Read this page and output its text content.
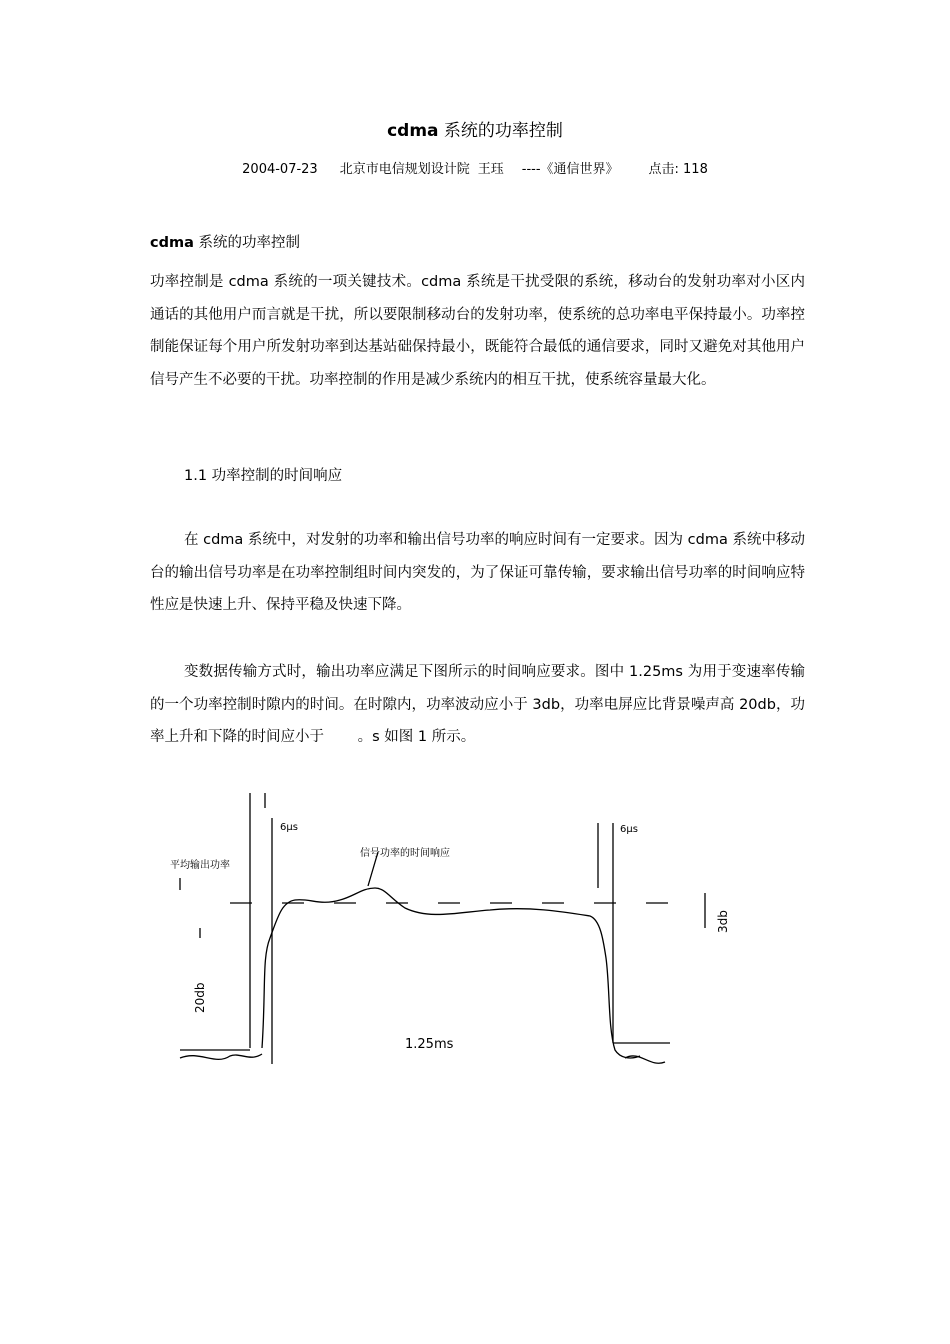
cdma 系统的功率控制
2004-07-23 北京市电信规划设计院 王珏 ----《通信世界》 点击: 118
cdma 系统的功率控制
功率控制是 cdma 系统的一项关键技术。cdma 系统是干扰受限的系统，移动台的发射功率对小区内通话的其他用户而言就是干扰，所以要限制移动台的发射功率，使系统的总功率电平保持最小。功率控制能保证每个用户所发射功率到达基站础保持最小，既能符合最低的通信要求，同时又避免对其他用户信号产生不必要的干扰。功率控制的作用是减少系统内的相互干扰，使系统容量最大化。
1.1 功率控制的时间响应
在 cdma 系统中，对发射的功率和输出信号功率的响应时间有一定要求。因为 cdma 系统中移动台的输出信号功率是在功率控制组时间内突发的，为了保证可靠传输，要求输出信号功率的时间响应特性应是快速上升、保持平稳及快速下降。
变数据传输方式时，输出功率应满足下图所示的时间响应要求。图中 1.25ms 为用于变速率传输的一个功率控制时隙内的时间。在时隙内，功率波动应小于 3db，功率电屏应比背景噪声高 20db，功率上升和下降的时间应小于　　 。s 如图 1 所示。
平均输出功率
信号功率的时间响应
6μs	6μs
1.25ms
20db
3db
